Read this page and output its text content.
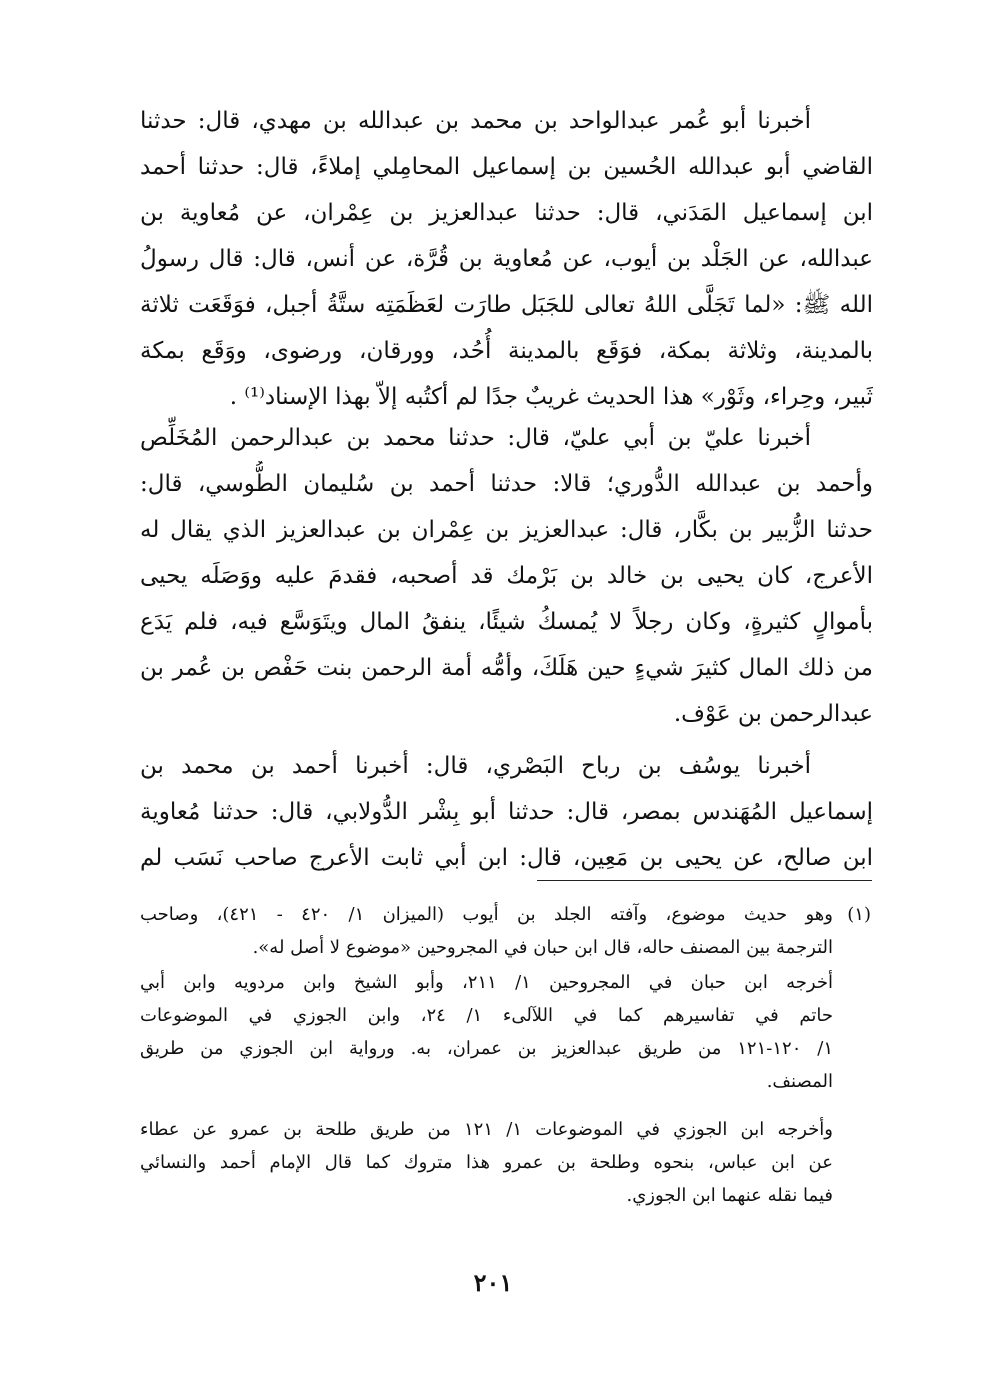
أخبرنا أبو عُمر عبدالواحد بن محمد بن عبدالله بن مهدي، قال: حدثنا
القاضي أبو عبدالله الحُسين بن إسماعيل المحامِلي إملاءً، قال: حدثنا أحمد
ابن إسماعيل المَدَني، قال: حدثنا عبدالعزيز بن عِمْران، عن مُعاوية بن
عبدالله، عن الجَلْد بن أيوب، عن مُعاوية بن قُرَّة، عن أنس، قال: قال رسولُ
الله ﷺ: «لما تَجَلَّى اللهُ تعالى للجَبَل طارَت لعَظَمَتِه ستَّةُ أجبل، فوَقَعَت ثلاثة
بالمدينة، وثلاثة بمكة، فوَقَع بالمدينة أُحُد، وورقان، ورضوى، ووَقَع بمكة
ثَبير، وحِراء، وثَوْر» هذا الحديث غريبٌ جدًا لم أكتُبه إلاّ بهذا الإسناد⁽¹⁾ .
أخبرنا عليّ بن أبي عليّ، قال: حدثنا محمد بن عبدالرحمن المُخَلِّص
وأحمد بن عبدالله الدُّوري؛ قالا: حدثنا أحمد بن سُليمان الطُّوسي، قال:
حدثنا الزُّبير بن بكَّار، قال: عبدالعزيز بن عِمْران بن عبدالعزيز الذي يقال له
الأعرج، كان يحيى بن خالد بن بَرْمك قد أصحبه، فقدمَ عليه ووَصَلَه يحيى
بأموالٍ كثيرةٍ، وكان رجلاً لا يُمسكُ شيئًا، ينفقُ المال ويتَوَسَّع فيه، فلم يَدَع
من ذلك المال كثيرَ شيءٍ حين هَلَكَ، وأمُّه أمة الرحمن بنت حَفْص بن عُمر بن
عبدالرحمن بن عَوْف.
أخبرنا يوسُف بن رباح البَصْري، قال: أخبرنا أحمد بن محمد بن
إسماعيل المُهَندس بمصر، قال: حدثنا أبو بِشْر الدُّولابي، قال: حدثنا مُعاوية
ابن صالح، عن يحيى بن مَعِين، قال: ابن أبي ثابت الأعرج صاحب نَسَب لم
(١)وهو حديث موضوع، وآفته الجلد بن أيوب (الميزان ١/ ٤٢٠ - ٤٢١)، وصاحب
الترجمة بين المصنف حاله، قال ابن حبان في المجروحين «موضوع لا أصل له».
أخرجه ابن حبان في المجروحين ١/ ٢١١، وأبو الشيخ وابن مردويه وابن أبي
حاتم في تفاسيرهم كما في اللآلىء ١/ ٢٤، وابن الجوزي في الموضوعات
١/ ١٢٠-١٢١ من طريق عبدالعزيز بن عمران، به. ورواية ابن الجوزي من طريق
المصنف.
وأخرجه ابن الجوزي في الموضوعات ١/ ١٢١ من طريق طلحة بن عمرو عن عطاء
عن ابن عباس، بنحوه وطلحة بن عمرو هذا متروك كما قال الإمام أحمد والنسائي
فيما نقله عنهما ابن الجوزي.
٢٠١
